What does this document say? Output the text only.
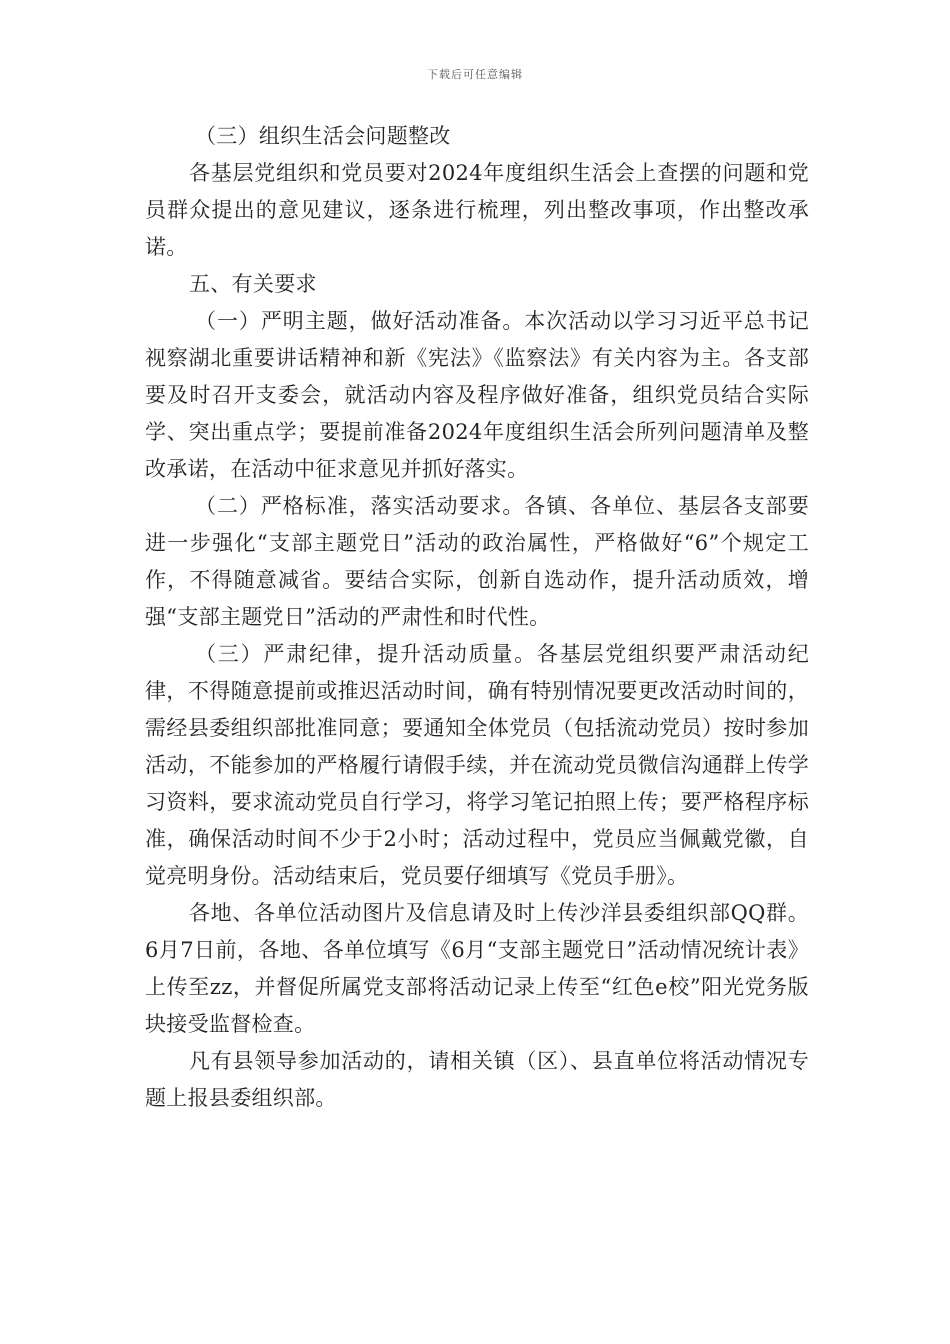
下载后可任意编辑

（三）组织生活会问题整改

各基层党组织和党员要对2024年度组织生活会上查摆的问题和党员群众提出的意见建议，逐条进行梳理，列出整改事项，作出整改承诺。

五、有关要求

（一）严明主题，做好活动准备。本次活动以学习习近平总书记视察湖北重要讲话精神和新《宪法》《监察法》有关内容为主。各支部要及时召开支委会，就活动内容及程序做好准备，组织党员结合实际学、突出重点学；要提前准备2024年度组织生活会所列问题清单及整改承诺，在活动中征求意见并抓好落实。

（二）严格标准，落实活动要求。各镇、各单位、基层各支部要进一步强化“支部主题党日”活动的政治属性，严格做好“6”个规定工作，不得随意减省。要结合实际，创新自选动作，提升活动质效，增强“支部主题党日”活动的严肃性和时代性。

（三）严肃纪律，提升活动质量。各基层党组织要严肃活动纪律，不得随意提前或推迟活动时间，确有特别情况要更改活动时间的，需经县委组织部批准同意；要通知全体党员（包括流动党员）按时参加活动，不能参加的严格履行请假手续，并在流动党员微信沟通群上传学习资料，要求流动党员自行学习，将学习笔记拍照上传；要严格程序标准，确保活动时间不少于2小时；活动过程中，党员应当佩戴党徽，自觉亮明身份。活动结束后，党员要仔细填写《党员手册》。

各地、各单位活动图片及信息请及时上传沙洋县委组织部QQ群。6月7日前，各地、各单位填写《6月“支部主题党日”活动情况统计表》上传至zz，并督促所属党支部将活动记录上传至“红色e校”阳光党务版块接受监督检查。

凡有县领导参加活动的，请相关镇（区）、县直单位将活动情况专题上报县委组织部。
